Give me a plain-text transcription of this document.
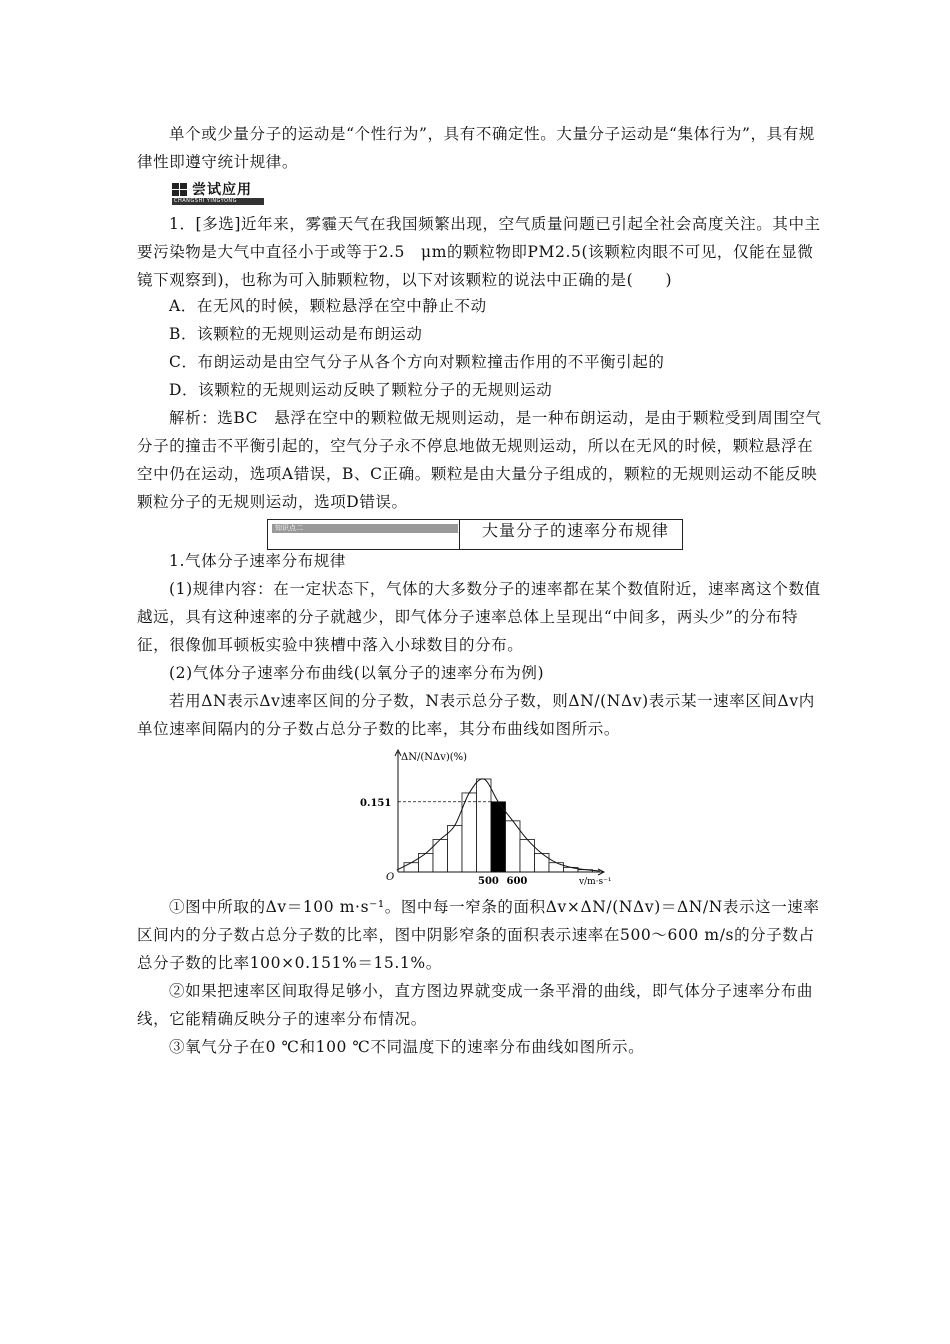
单个或少量分子的运动是“个性行为”，具有不确定性。大量分子运动是“集体行为”，具有规律性即遵守统计规律。

尝试应用
CHANGSHI YINGYONG

1．[多选]近年来，雾霾天气在我国频繁出现，空气质量问题已引起全社会高度关注。其中主要污染物是大气中直径小于或等于2.5　μm的颗粒物即PM2.5(该颗粒肉眼不可见，仅能在显微镜下观察到)，也称为可入肺颗粒物，以下对该颗粒的说法中正确的是(　　)

A．在无风的时候，颗粒悬浮在空中静止不动

B．该颗粒的无规则运动是布朗运动

C．布朗运动是由空气分子从各个方向对颗粒撞击作用的不平衡引起的

D．该颗粒的无规则运动反映了颗粒分子的无规则运动

解析：选BC　悬浮在空中的颗粒做无规则运动，是一种布朗运动，是由于颗粒受到周围空气分子的撞击不平衡引起的，空气分子永不停息地做无规则运动，所以在无风的时候，颗粒悬浮在空中仍在运动，选项A错误，B、C正确。颗粒是由大量分子组成的，颗粒的无规则运动不能反映颗粒分子的无规则运动，选项D错误。

知识点二	大量分子的速率分布规律

1.气体分子速率分布规律

(1)规律内容：在一定状态下，气体的大多数分子的速率都在某个数值附近，速率离这个数值越远，具有这种速率的分子就越少，即气体分子速率总体上呈现出“中间多，两头少”的分布特征，很像伽耳顿板实验中狭槽中落入小球数目的分布。

(2)气体分子速率分布曲线(以氧分子的速率分布为例)

若用ΔN表示Δv速率区间的分子数，N表示总分子数，则ΔN/(NΔv)表示某一速率区间Δv内单位速率间隔内的分子数占总分子数的比率，其分布曲线如图所示。

ΔN/(NΔv)(%)
0.151
O	500 600	v/m·s⁻¹

①图中所取的Δv＝100 m·s⁻¹。图中每一窄条的面积Δv×ΔN/(NΔv)＝ΔN/N表示这一速率区间内的分子数占总分子数的比率，图中阴影窄条的面积表示速率在500～600 m/s的分子数占总分子数的比率100×0.151%＝15.1%。

②如果把速率区间取得足够小，直方图边界就变成一条平滑的曲线，即气体分子速率分布曲线，它能精确反映分子的速率分布情况。

③氧气分子在0 ℃和100 ℃不同温度下的速率分布曲线如图所示。
